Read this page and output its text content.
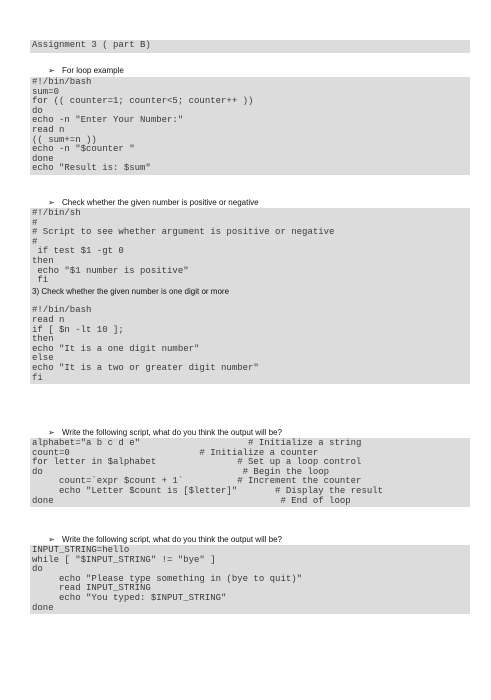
Assignment 3 ( part B)
➢ For loop example
#!/bin/bash
sum=0
for (( counter=1; counter<5; counter++ ))
do
echo -n "Enter Your Number:"
read n
(( sum+=n ))
echo -n "$counter "
done
echo "Result is: $sum"
➢ Check whether the given number is positive or negative
#!/bin/sh
#
# Script to see whether argument is positive or negative
#
if test $1 -gt 0
then
echo "$1 number is positive"
fi
3) Check whether the given number is one digit or more
#!/bin/bash
read n
if [ $n -lt 10 ];
then
echo "It is a one digit number"
else
echo "It is a two or greater digit number"
fi
➢ Write the following script, what do you think the output will be?
alphabet="a b c d e"                    # Initialize a string
count=0                        # Initialize a counter
for letter in $alphabet               # Set up a loop control
do                                     # Begin the loop
count=`expr $count + 1`          # Increment the counter
echo "Letter $count is [$letter]"       # Display the result
done                                          # End of loop
➢ Write the following script, what do you think the output will be?
INPUT_STRING=hello
while [ "$INPUT_STRING" != "bye" ]
do
echo "Please type something in (bye to quit)"
read INPUT_STRING
echo "You typed: $INPUT_STRING"
done
